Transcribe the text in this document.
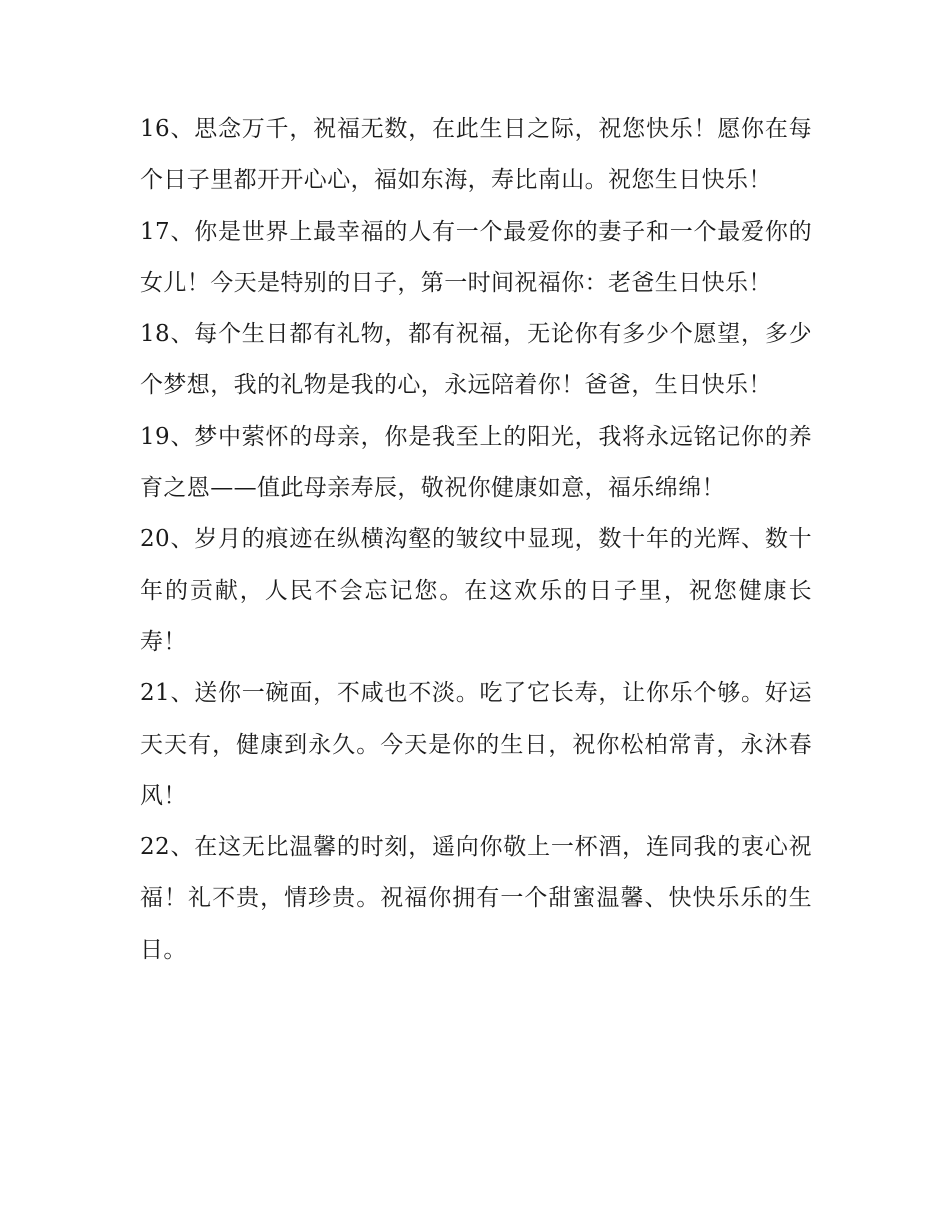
16、思念万千，祝福无数，在此生日之际，祝您快乐！愿你在每个日子里都开开心心，福如东海，寿比南山。祝您生日快乐！

17、你是世界上最幸福的人有一个最爱你的妻子和一个最爱你的女儿！今天是特别的日子，第一时间祝福你：老爸生日快乐！

18、每个生日都有礼物，都有祝福，无论你有多少个愿望，多少个梦想，我的礼物是我的心，永远陪着你！爸爸，生日快乐！

19、梦中萦怀的母亲，你是我至上的阳光，我将永远铭记你的养育之恩——值此母亲寿辰，敬祝你健康如意，福乐绵绵！

20、岁月的痕迹在纵横沟壑的皱纹中显现，数十年的光辉、数十年的贡献，人民不会忘记您。在这欢乐的日子里，祝您健康长寿！

21、送你一碗面，不咸也不淡。吃了它长寿，让你乐个够。好运天天有，健康到永久。今天是你的生日，祝你松柏常青，永沐春风！

22、在这无比温馨的时刻，遥向你敬上一杯酒，连同我的衷心祝福！礼不贵，情珍贵。祝福你拥有一个甜蜜温馨、快快乐乐的生日。
